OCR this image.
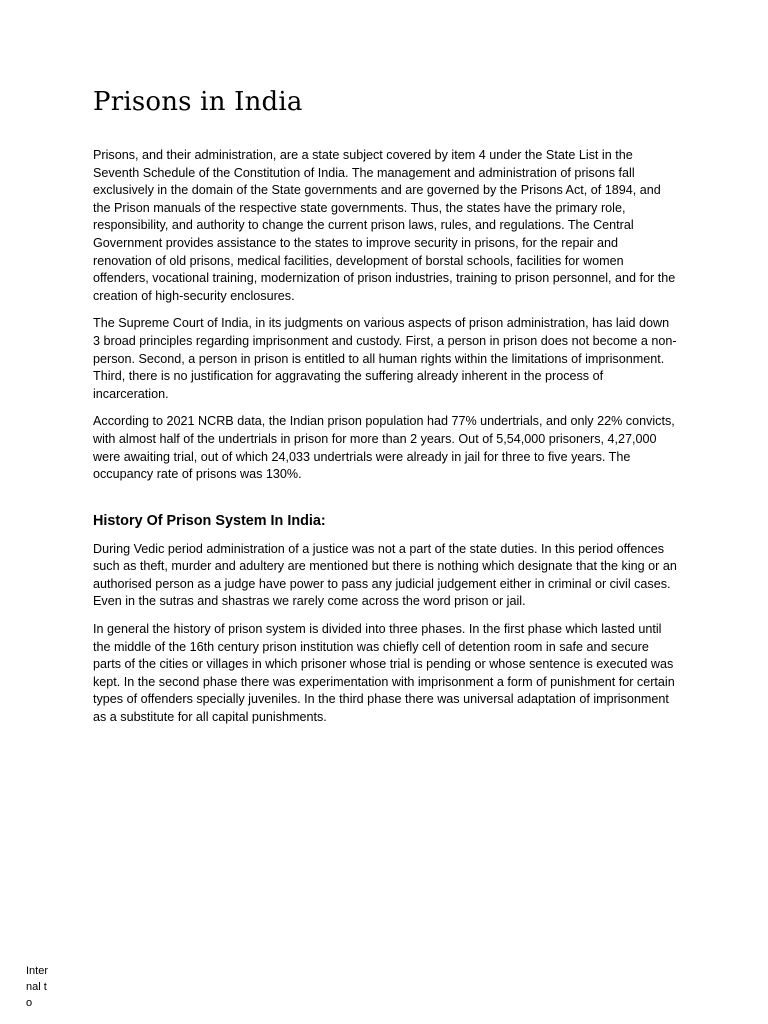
Prisons in India

Prisons, and their administration, are a state subject covered by item 4 under the State List in the Seventh Schedule of the Constitution of India. The management and administration of prisons fall exclusively in the domain of the State governments and are governed by the Prisons Act, of 1894, and the Prison manuals of the respective state governments. Thus, the states have the primary role, responsibility, and authority to change the current prison laws, rules, and regulations. The Central Government provides assistance to the states to improve security in prisons, for the repair and renovation of old prisons, medical facilities, development of borstal schools, facilities for women offenders, vocational training, modernization of prison industries, training to prison personnel, and for the creation of high-security enclosures.

The Supreme Court of India, in its judgments on various aspects of prison administration, has laid down 3 broad principles regarding imprisonment and custody. First, a person in prison does not become a non-person. Second, a person in prison is entitled to all human rights within the limitations of imprisonment. Third, there is no justification for aggravating the suffering already inherent in the process of incarceration.

According to 2021 NCRB data, the Indian prison population had 77% undertrials, and only 22% convicts, with almost half of the undertrials in prison for more than 2 years. Out of 5,54,000 prisoners, 4,27,000 were awaiting trial, out of which 24,033 undertrials were already in jail for three to five years. The occupancy rate of prisons was 130%.

History Of Prison System In India:

During Vedic period administration of a justice was not a part of the state duties. In this period offences such as theft, murder and adultery are mentioned but there is nothing which designate that the king or an authorised person as a judge have power to pass any judicial judgement either in criminal or civil cases. Even in the sutras and shastras we rarely come across the word prison or jail.

In general the history of prison system is divided into three phases. In the first phase which lasted until the middle of the 16th century prison institution was chiefly cell of detention room in safe and secure parts of the cities or villages in which prisoner whose trial is pending or whose sentence is executed was kept. In the second phase there was experimentation with imprisonment a form of punishment for certain types of offenders specially juveniles. In the third phase there was universal adaptation of imprisonment as a substitute for all capital punishments.

Internal to
